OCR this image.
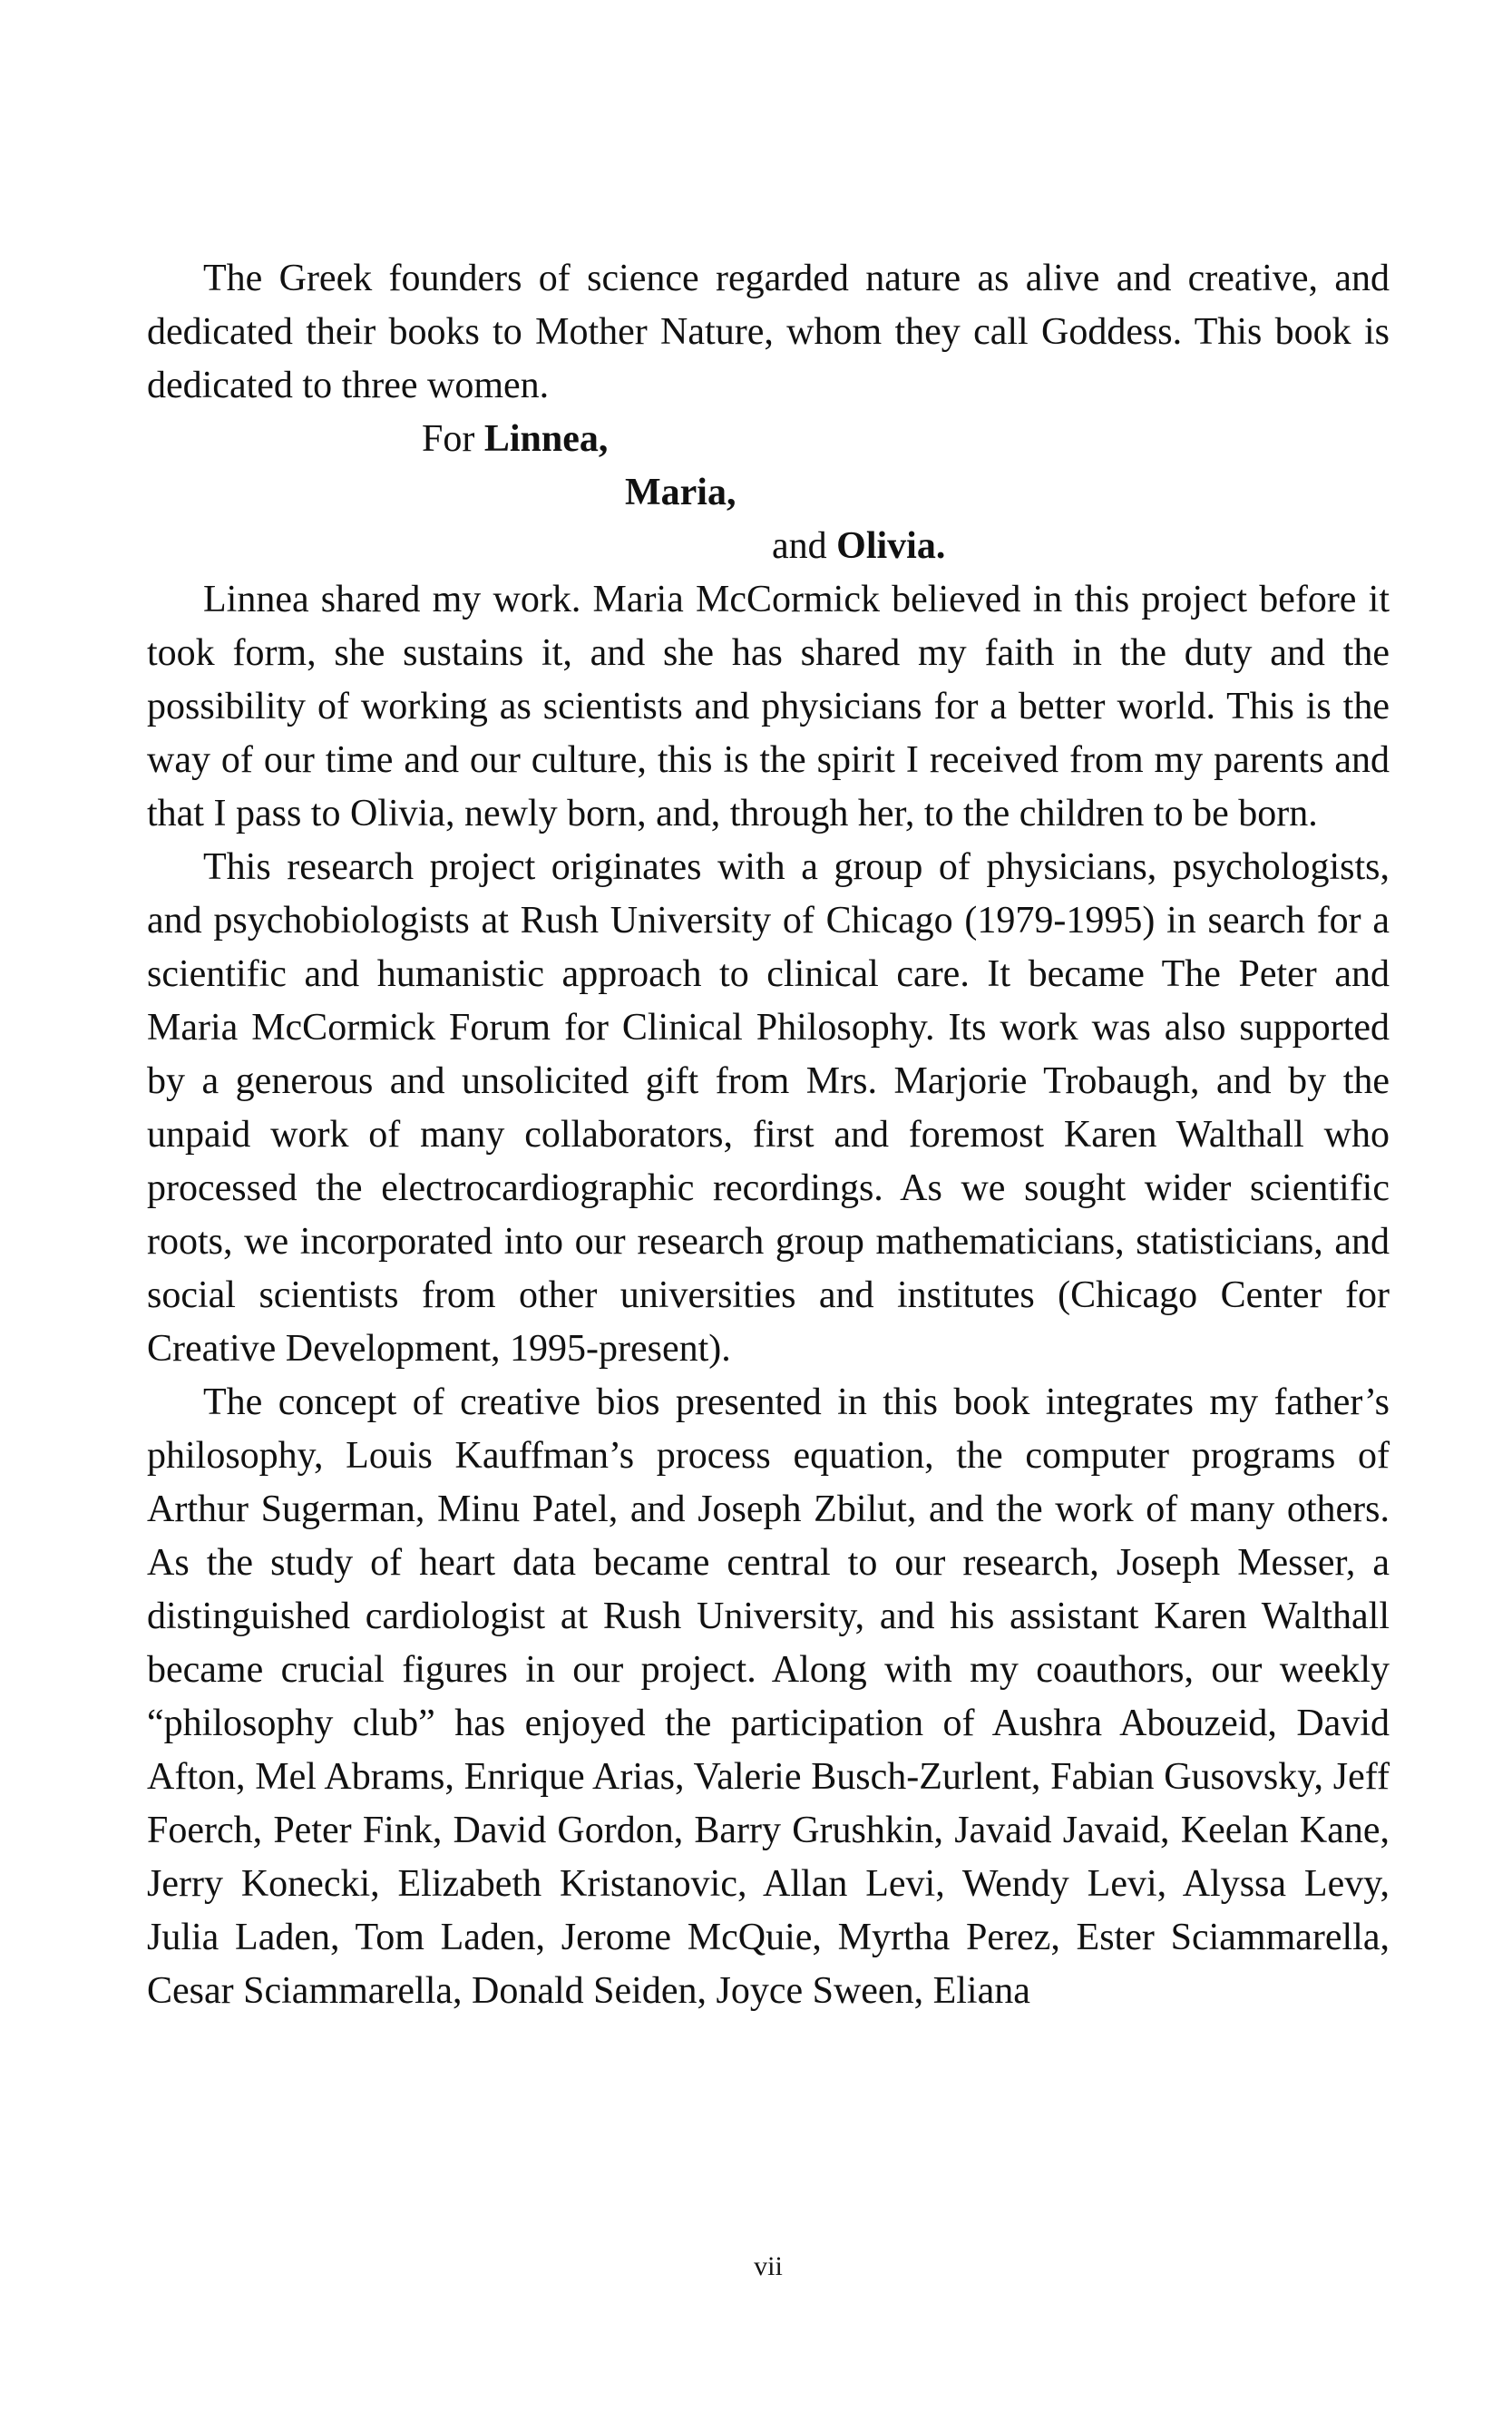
The Greek founders of science regarded nature as alive and creative, and dedicated their books to Mother Nature, whom they call Goddess. This book is dedicated to three women.

For Linnea,
Maria,
and Olivia.

Linnea shared my work. Maria McCormick believed in this project before it took form, she sustains it, and she has shared my faith in the duty and the possibility of working as scientists and physicians for a better world. This is the way of our time and our culture, this is the spirit I received from my parents and that I pass to Olivia, newly born, and, through her, to the children to be born.

This research project originates with a group of physicians, psychologists, and psychobiologists at Rush University of Chicago (1979-1995) in search for a scientific and humanistic approach to clinical care. It became The Peter and Maria McCormick Forum for Clinical Philosophy. Its work was also supported by a generous and unsolicited gift from Mrs. Marjorie Trobaugh, and by the unpaid work of many collaborators, first and foremost Karen Walthall who processed the electrocardiographic recordings. As we sought wider scientific roots, we incorporated into our research group mathematicians, statisticians, and social scientists from other universities and institutes (Chicago Center for Creative Development, 1995-present).

The concept of creative bios presented in this book integrates my father’s philosophy, Louis Kauffman’s process equation, the computer programs of Arthur Sugerman, Minu Patel, and Joseph Zbilut, and the work of many others. As the study of heart data became central to our research, Joseph Messer, a distinguished cardiologist at Rush University, and his assistant Karen Walthall became crucial figures in our project. Along with my coauthors, our weekly “philosophy club” has enjoyed the participation of Aushra Abouzeid, David Afton, Mel Abrams, Enrique Arias, Valerie Busch-Zurlent, Fabian Gusovsky, Jeff Foerch, Peter Fink, David Gordon, Barry Grushkin, Javaid Javaid, Keelan Kane, Jerry Konecki, Elizabeth Kristanovic, Allan Levi, Wendy Levi, Alyssa Levy, Julia Laden, Tom Laden, Jerome McQuie, Myrtha Perez, Ester Sciammarella, Cesar Sciammarella, Donald Seiden, Joyce Sween, Eliana

vii
